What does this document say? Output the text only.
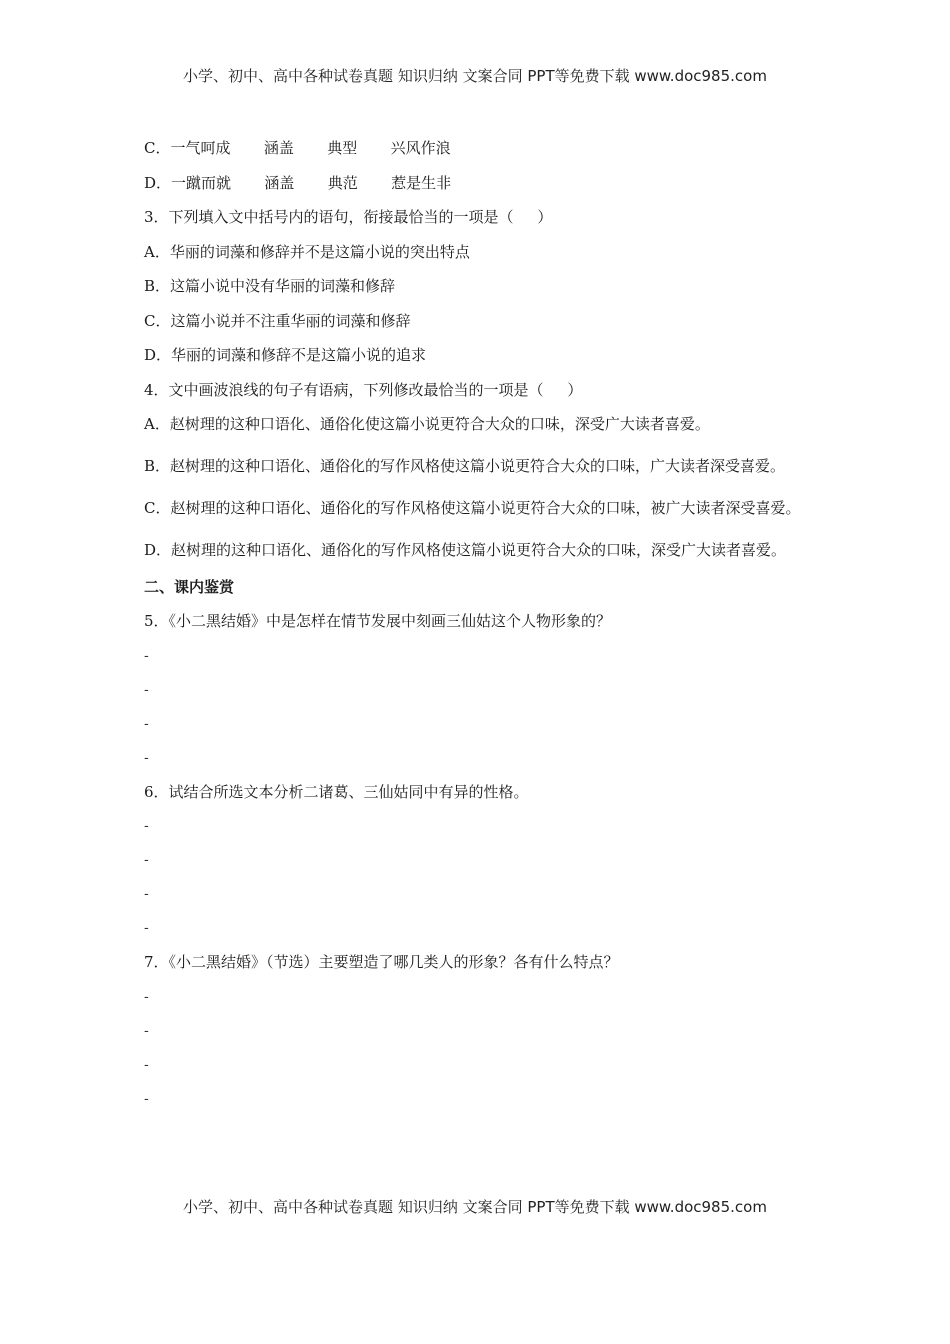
小学、初中、高中各种试卷真题 知识归纳 文案合同 PPT等免费下载 www.doc985.com

C．一气呵成       涵盖       典型       兴风作浪

D．一蹴而就       涵盖       典范       惹是生非

3．下列填入文中括号内的语句，衔接最恰当的一项是（     ）

A．华丽的词藻和修辞并不是这篇小说的突出特点

B．这篇小说中没有华丽的词藻和修辞

C．这篇小说并不注重华丽的词藻和修辞

D．华丽的词藻和修辞不是这篇小说的追求

4．文中画波浪线的句子有语病，下列修改最恰当的一项是（     ）

A．赵树理的这种口语化、通俗化使这篇小说更符合大众的口味，深受广大读者喜爱。

B．赵树理的这种口语化、通俗化的写作风格使这篇小说更符合大众的口味，广大读者深受喜爱。

C．赵树理的这种口语化、通俗化的写作风格使这篇小说更符合大众的口味，被广大读者深受喜爱。

D．赵树理的这种口语化、通俗化的写作风格使这篇小说更符合大众的口味，深受广大读者喜爱。

二、课内鉴赏

5．《小二黑结婚》中是怎样在情节发展中刻画三仙姑这个人物形象的？

-

-

-

-

6．试结合所选文本分析二诸葛、三仙姑同中有异的性格。

-

-

-

-

7．《小二黑结婚》（节选）主要塑造了哪几类人的形象？各有什么特点？

-

-

-

-

小学、初中、高中各种试卷真题 知识归纳 文案合同 PPT等免费下载 www.doc985.com
